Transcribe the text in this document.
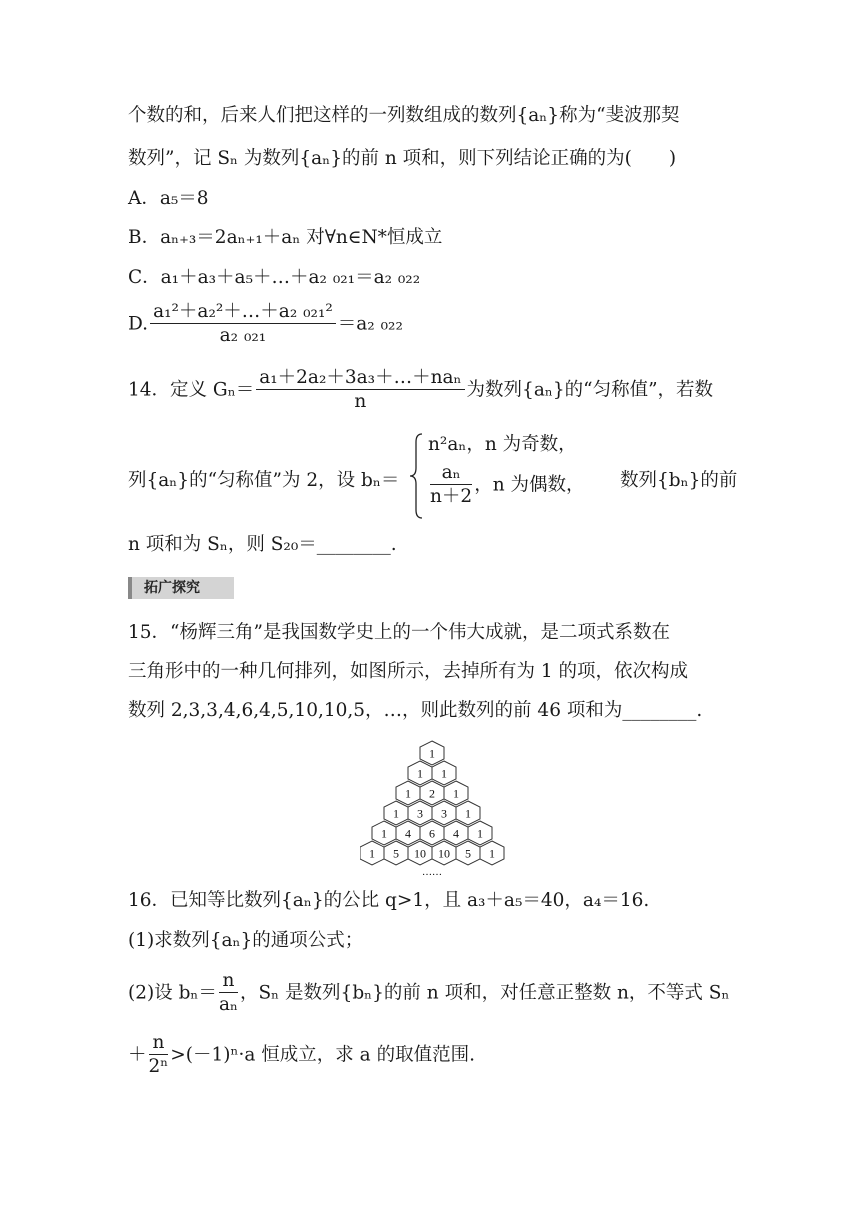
个数的和，后来人们把这样的一列数组成的数列{aₙ}称为“斐波那契
数列”，记 Sₙ 为数列{aₙ}的前 n 项和，则下列结论正确的为(　　)
A．a₅＝8
B．aₙ₊₃＝2aₙ₊₁＋aₙ 对∀n∈N*恒成立
C．a₁＋a₃＋a₅＋…＋a₂ ₀₂₁＝a₂ ₀₂₂
D. $\frac{\text{a₁²＋a₂²＋…＋a₂ ₀₂₁²}}{\text{a₂ ₀₂₁}} =a_2$ ₀₂₂
14．定义 $G_n= \frac{\text{a₁＋2a₂＋3a₃＋…＋naₙ}}{n}$ 为数列{aₙ}的“匀称值”，若数
列{aₙ}的“匀称值”为 2，设 bₙ＝
n²aₙ，n 为奇数，
$\frac{\text{aₙ}}{n+2}$ ，n 为偶数， 数列{bₙ}的前
n 项和为 Sₙ，则 S₂₀＝________.
拓广探究
15．“杨辉三角”是我国数学史上的一个伟大成就，是二项式系数在
三角形中的一种几何排列，如图所示，去掉所有为 1 的项，依次构成
数列 2,3,3,4,6,4,5,10,10,5，…，则此数列的前 46 项和为________.
1
1 1
1 2 1
1 3 3 1
1 4 6 4 1
1 5 10 10 5 1
……
16．已知等比数列{aₙ}的公比 q>1，且 a₃＋a₅＝40，a₄＝16.
(1)求数列{aₙ}的通项公式；
(2)设 $b_n= \frac{n}{\text{aₙ}}$ ，Sₙ 是数列{bₙ}的前 n 项和，对任意正整数 n，不等式 Sₙ
＋ $\frac{n}{\text{2ⁿ}} >(-1)^n\cdot a$ 恒成立，求 a 的取值范围.
